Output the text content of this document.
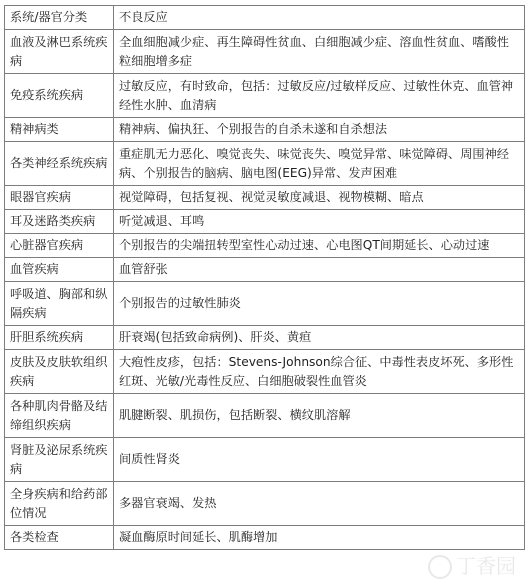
系统/器官分类	不良反应
血液及淋巴系统疾病	全血细胞减少症、再生障碍性贫血、白细胞减少症、溶血性贫血、嗜酸性粒细胞增多症
免疫系统疾病	过敏反应，有时致命，包括：过敏反应/过敏样反应、过敏性休克、血管神经性水肿、血清病
精神病类	精神病、偏执狂、个别报告的自杀未遂和自杀想法
各类神经系统疾病	重症肌无力恶化、嗅觉丧失、味觉丧失、嗅觉异常、味觉障碍、周围神经病、个别报告的脑病、脑电图(EEG)异常、发声困难
眼器官疾病	视觉障碍，包括复视、视觉灵敏度减退、视物模糊、暗点
耳及迷路类疾病	听觉减退、耳鸣
心脏器官疾病	个别报告的尖端扭转型室性心动过速、心电图QT间期延长、心动过速
血管疾病	血管舒张
呼吸道、胸部和纵隔疾病	个别报告的过敏性肺炎
肝胆系统疾病	肝衰竭(包括致命病例)、肝炎、黄疸
皮肤及皮肤软组织疾病	大疱性皮疹，包括：Stevens-Johnson综合征、中毒性表皮坏死、多形性红斑、光敏/光毒性反应、白细胞破裂性血管炎
各种肌肉骨骼及结缔组织疾病	肌腱断裂、肌损伤，包括断裂、横纹肌溶解
肾脏及泌尿系统疾病	间质性肾炎
全身疾病和给药部位情况	多器官衰竭、发热
各类检查	凝血酶原时间延长、肌酶增加
丁香园
